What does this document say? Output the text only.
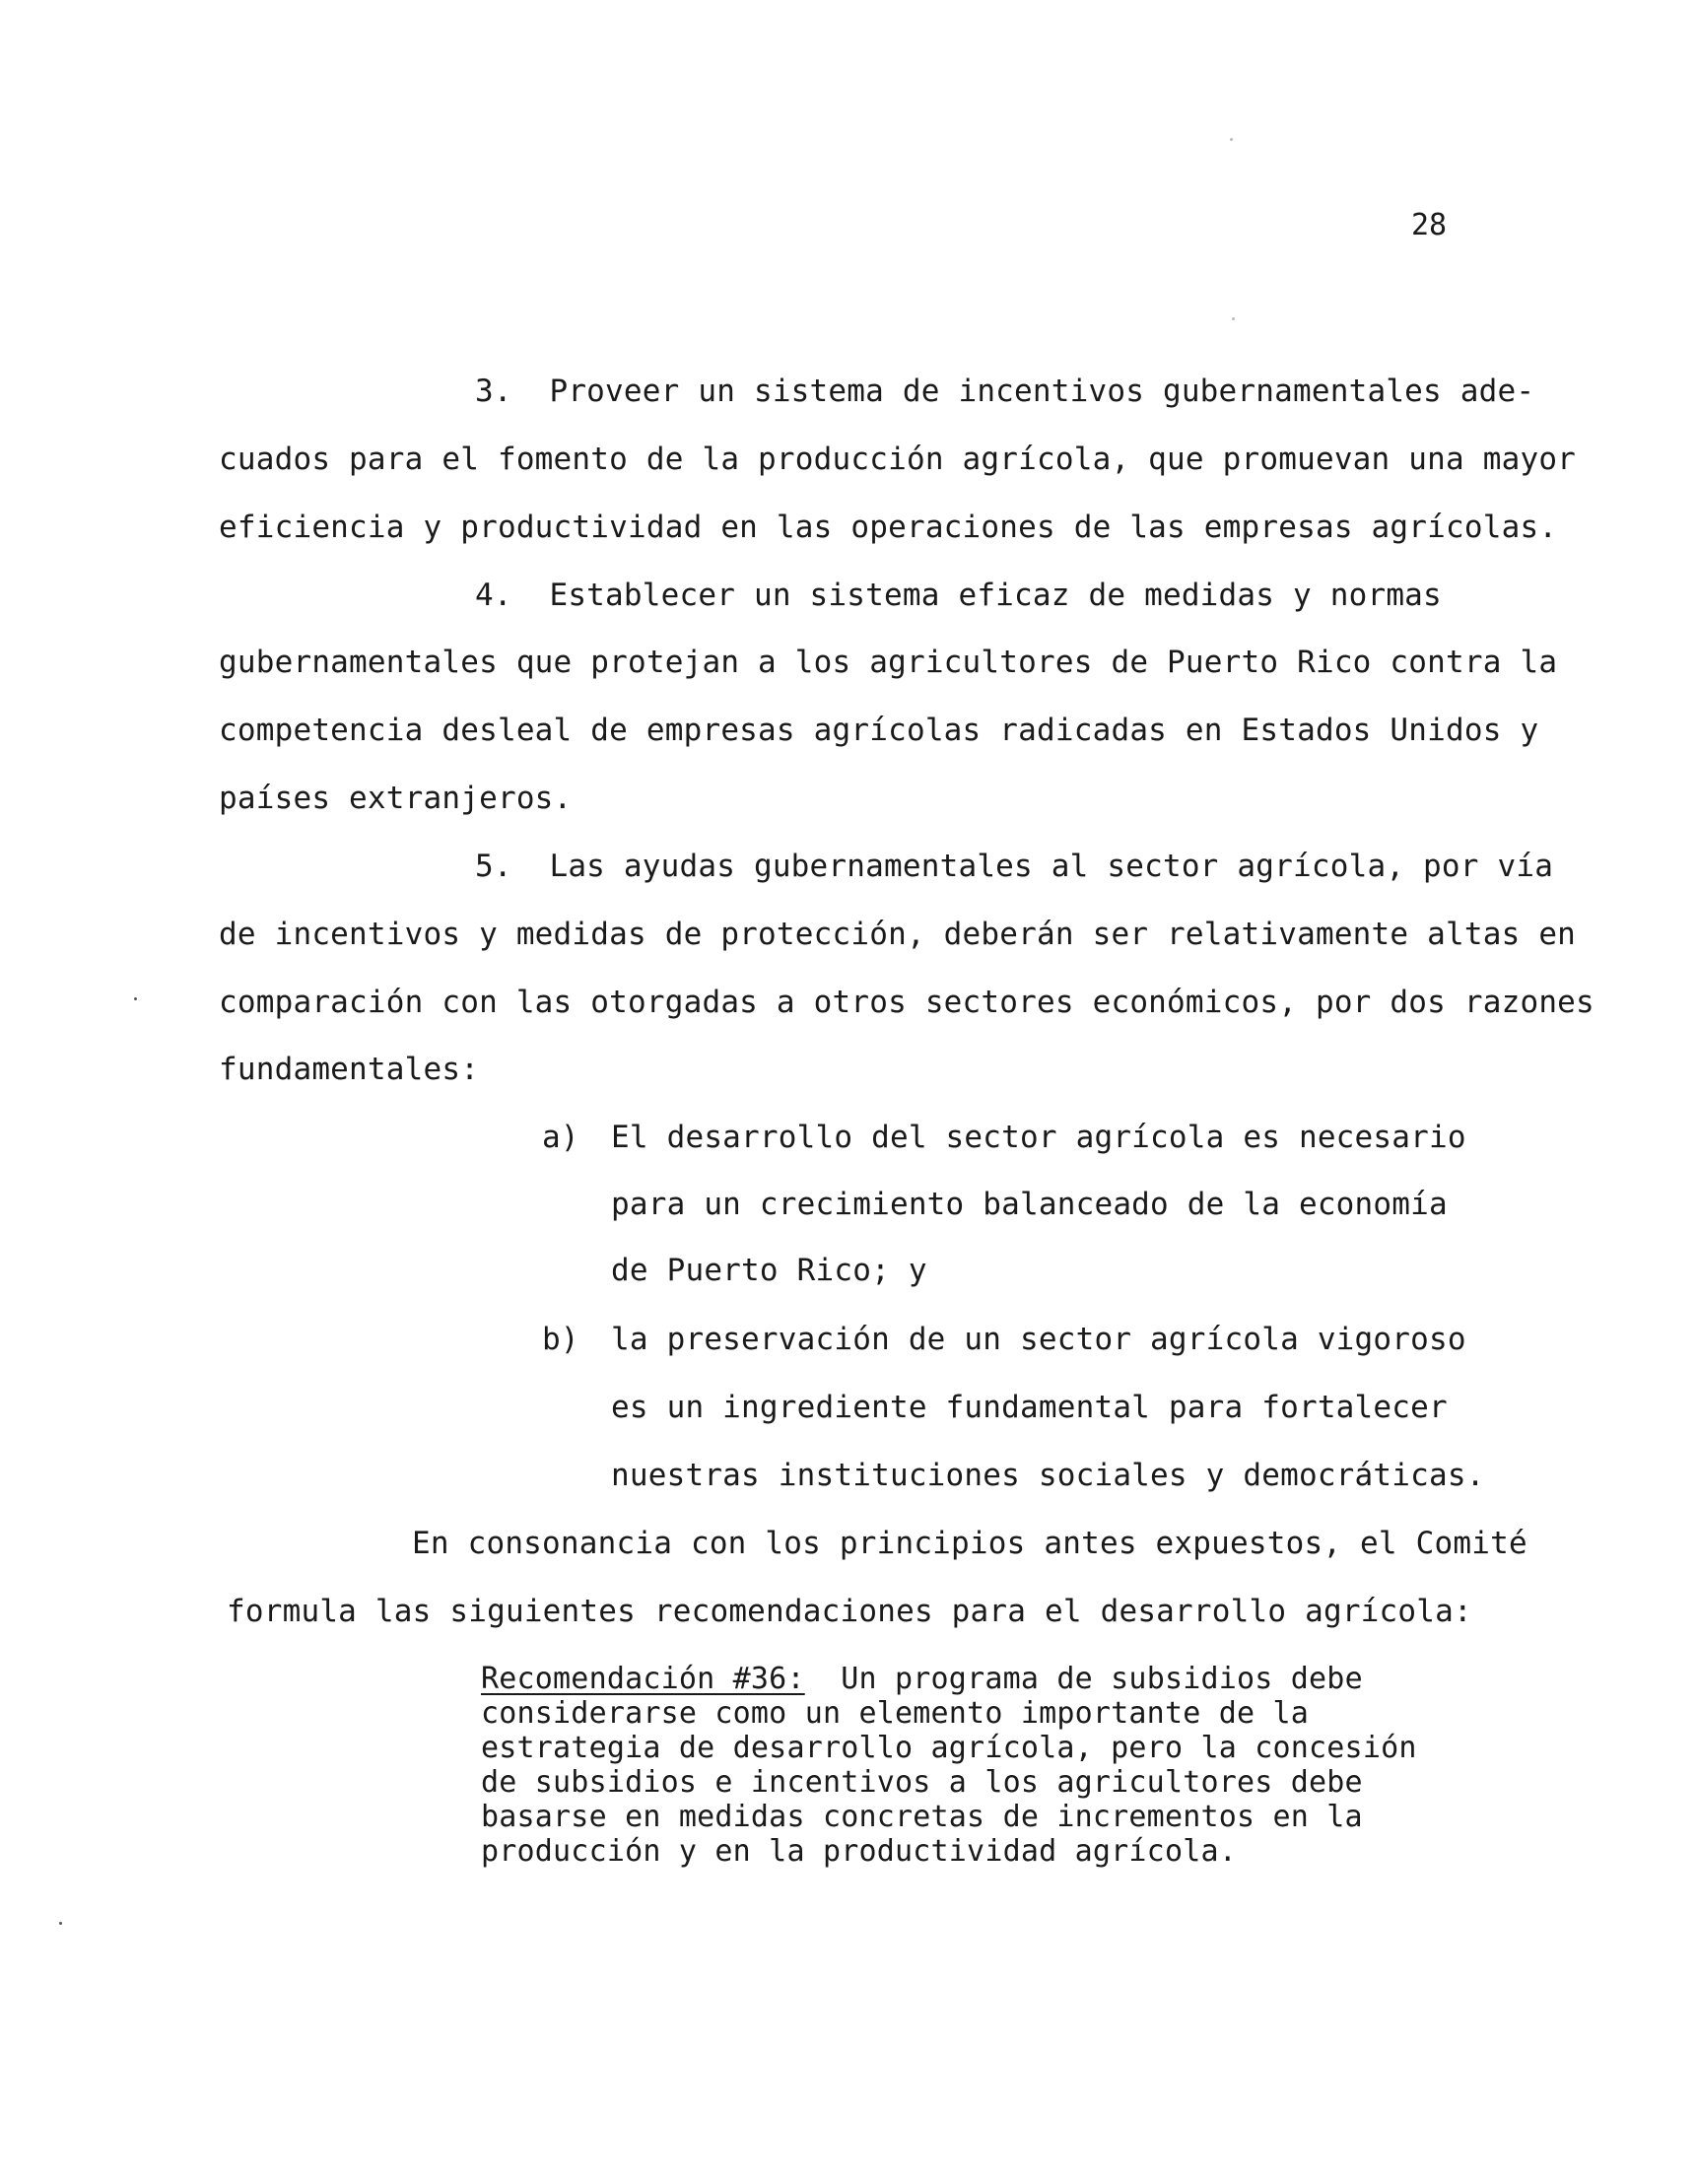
28
3.  Proveer un sistema de incentivos gubernamentales ade-
cuados para el fomento de la producción agrícola, que promuevan una mayor
eficiencia y productividad en las operaciones de las empresas agrícolas.
4.  Establecer un sistema eficaz de medidas y normas
gubernamentales que protejan a los agricultores de Puerto Rico contra la
competencia desleal de empresas agrícolas radicadas en Estados Unidos y
países extranjeros.
5.  Las ayudas gubernamentales al sector agrícola, por vía
de incentivos y medidas de protección, deberán ser relativamente altas en
comparación con las otorgadas a otros sectores económicos, por dos razones
fundamentales:
a) El desarrollo del sector agrícola es necesario
para un crecimiento balanceado de la economía
de Puerto Rico; y
b) la preservación de un sector agrícola vigoroso
es un ingrediente fundamental para fortalecer
nuestras instituciones sociales y democráticas.
En consonancia con los principios antes expuestos, el Comité
formula las siguientes recomendaciones para el desarrollo agrícola:
Recomendación #36:  Un programa de subsidios debe
considerarse como un elemento importante de la
estrategia de desarrollo agrícola, pero la concesión
de subsidios e incentivos a los agricultores debe
basarse en medidas concretas de incrementos en la
producción y en la productividad agrícola.
